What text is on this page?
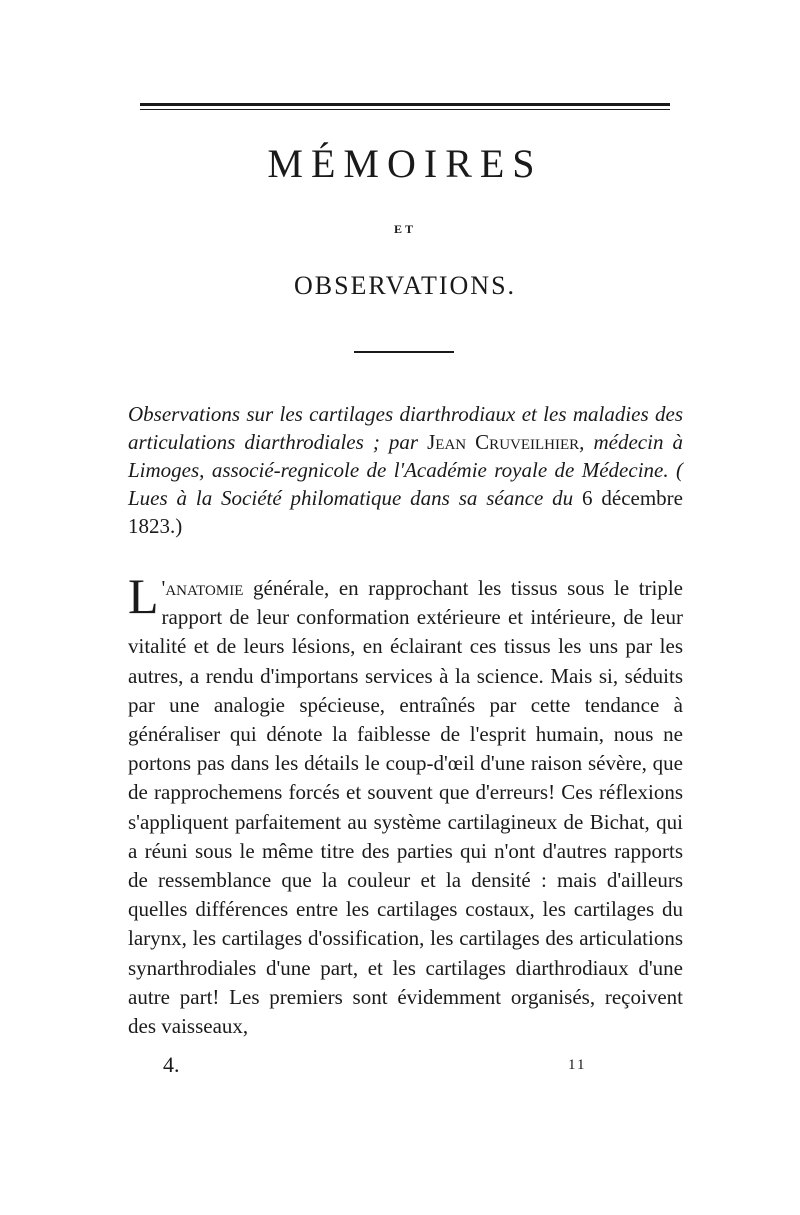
MÉMOIRES
ET
OBSERVATIONS.
Observations sur les cartilages diarthrodiaux et les maladies des articulations diarthrodiales ; par Jean Cruveilhier, médecin à Limoges, associé-regnicole de l'Académie royale de Médecine. ( Lues à la Société philomatique dans sa séance du 6 décembre 1823.)
L 'anatomie générale, en rapprochant les tissus sous le triple rapport de leur conformation extérieure et intérieure, de leur vitalité et de leurs lésions, en éclairant ces tissus les uns par les autres, a rendu d'importans services à la science. Mais si, séduits par une analogie spécieuse, entraînés par cette tendance à généraliser qui dénote la faiblesse de l'esprit humain, nous ne portons pas dans les détails le coup-d'œil d'une raison sévère, que de rapprochemens forcés et souvent que d'erreurs! Ces réflexions s'appliquent parfaitement au système cartilagineux de Bichat, qui a réuni sous le même titre des parties qui n'ont d'autres rapports de ressemblance que la couleur et la densité : mais d'ailleurs quelles différences entre les cartilages costaux, les cartilages du larynx, les cartilages d'ossification, les cartilages des articulations synarthrodiales d'une part, et les cartilages diarthrodiaux d'une autre part! Les premiers sont évidemment organisés, reçoivent des vaisseaux,
4.	11
